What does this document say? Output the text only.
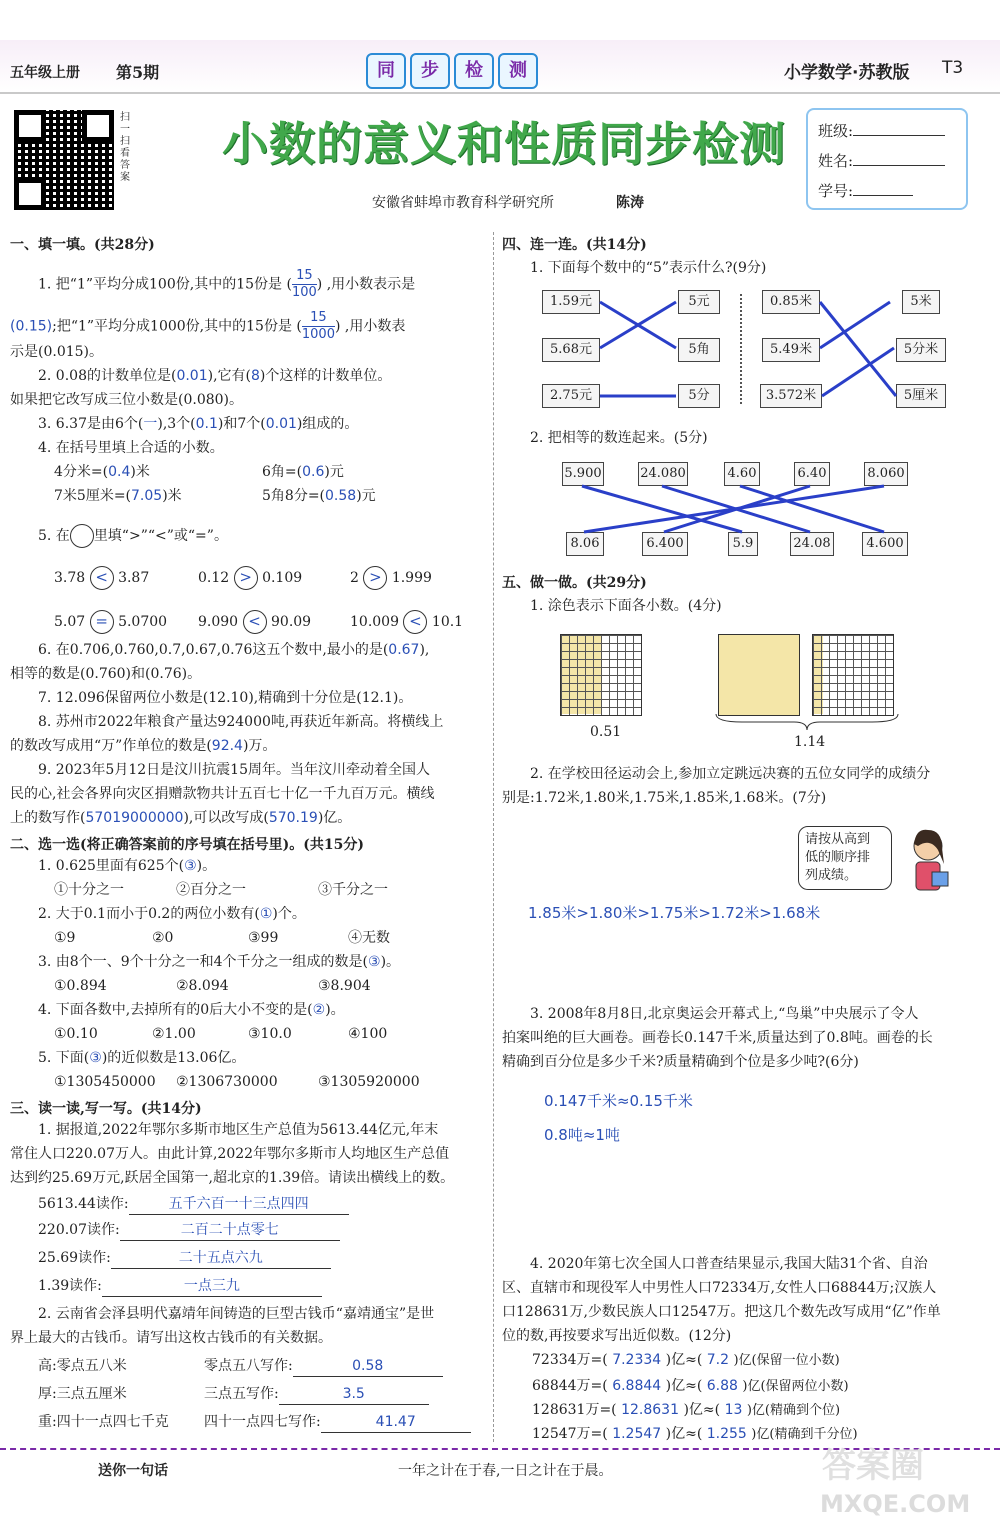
五年级上册 第5期	同	步	检	测	小学数学·苏教版 T3
扫一扫 看答案
小数的意义和性质同步检测
安徽省蚌埠市教育科学研究所	陈涛
班级:
姓名:
学号:
一、填一填。(共28分)
1. 把“1”平均分成100份,其中的15份是 ( $\frac{15}{100}$ ) ,用小数表示是
(0.15);把“1”平均分成1000份,其中的15份是 ( $\frac{15}{1000}$ ) ,用小数表
示是(0.015)。
2. 0.08的计数单位是(0.01),它有(8)个这样的计数单位。
如果把它改写成三位小数是(0.080)。
3. 6.37是由6个(一),3个(0.1)和7个(0.01)组成的。
4. 在括号里填上合适的小数。
4分米=(0.4)米	6角=(0.6)元
7米5厘米=(7.05)米	5角8分=(0.58)元
5. 在 里填“>”“<”或“=”。
3.78 < 3.87	0.12 > 0.109	2 > 1.999
5.07 = 5.0700 9.090 < 90.09	10.009 < 10.1
6. 在0.706,0.760,0.7,0.67,0.76这五个数中,最小的是(0.67),
相等的数是(0.760)和(0.76)。
7. 12.096保留两位小数是(12.10),精确到十分位是(12.1)。
8. 苏州市2022年粮食产量达924000吨,再获近年新高。将横线上
的数改写成用“万”作单位的数是(92.4)万。
9. 2023年5月12日是汶川抗震15周年。当年汶川牵动着全国人
民的心,社会各界向灾区捐赠款物共计五百七十亿一千九百万元。横线
上的数写作(57019000000),可以改写成(570.19)亿。
二、选一选(将正确答案前的序号填在括号里)。(共15分)
1. 0.625里面有625个(③)。
①十分之一	②百分之一	③千分之一
2. 大于0.1而小于0.2的两位小数有(①)个。
①9	②0	③99	④无数
3. 由8个一、9个十分之一和4个千分之一组成的数是(③)。
①0.894	②8.094	③8.904
4. 下面各数中,去掉所有的0后大小不变的是(②)。
①0.10	②1.00	③10.0	④100
5. 下面(③)的近似数是13.06亿。
①1305450000 ②1306730000	③1305920000
三、读一读,写一写。(共14分)
1. 据报道,2022年鄂尔多斯市地区生产总值为5613.44亿元,年末
常住人口220.07万人。由此计算,2022年鄂尔多斯市人均地区生产总值
达到约25.69万元,跃居全国第一,超北京的1.39倍。请读出横线上的数。
5613.44读作:	五千六百一十三点四四
220.07读作:	二百二十点零七
25.69读作:	二十五点六九
1.39读作:	一点三九
2. 云南省会泽县明代嘉靖年间铸造的巨型古钱币“嘉靖通宝”是世
界上最大的古钱币。请写出这枚古钱币的有关数据。
高:零点五八米	零点五八写作:	0.58
厚:三点五厘米	三点五写作:	3.5
重:四十一点四七千克	四十一点四七写作:	41.47
四、连一连。(共14分)
1. 下面每个数中的“5”表示什么?(9分)
1.59元
5.68元
2.75元
5元
5角
5分
0.85米
5.49米
3.572米
5米
5分米
5厘米
2. 把相等的数连起来。(5分)
5.900	24.080	4.60	6.40	8.060
8.06	6.400	5.9	24.08	4.600
五、做一做。(共29分)
1. 涂色表示下面各小数。(4分)
0.51
1.14
2. 在学校田径运动会上,参加立定跳远决赛的五位女同学的成绩分
别是:1.72米,1.80米,1.75米,1.85米,1.68米。(7分)
请按从高到
低的顺序排
列成绩。
1.85米>1.80米>1.75米>1.72米>1.68米
3. 2008年8月8日,北京奥运会开幕式上,“鸟巢”中央展示了令人
拍案叫绝的巨大画卷。画卷长0.147千米,质量达到了0.8吨。画卷的长
精确到百分位是多少千米?质量精确到个位是多少吨?(6分)
0.147千米≈0.15千米
0.8吨≈1吨
4. 2020年第七次全国人口普查结果显示,我国大陆31个省、自治
区、直辖市和现役军人中男性人口72334万,女性人口68844万;汉族人
口128631万,少数民族人口12547万。把这几个数先改写成用“亿”作单
位的数,再按要求写出近似数。(12分)
72334万=( 7.2334 )亿≈( 7.2 )亿(保留一位小数)
68844万=( 6.8844 )亿≈( 6.88 )亿(保留两位小数)
128631万=( 12.8631 )亿≈( 13 )亿(精确到个位)
12547万=( 1.2547 )亿≈( 1.255 )亿(精确到千分位)
送你一句话	一年之计在于春,一日之计在于晨。	答案圈
MXQE.COM
